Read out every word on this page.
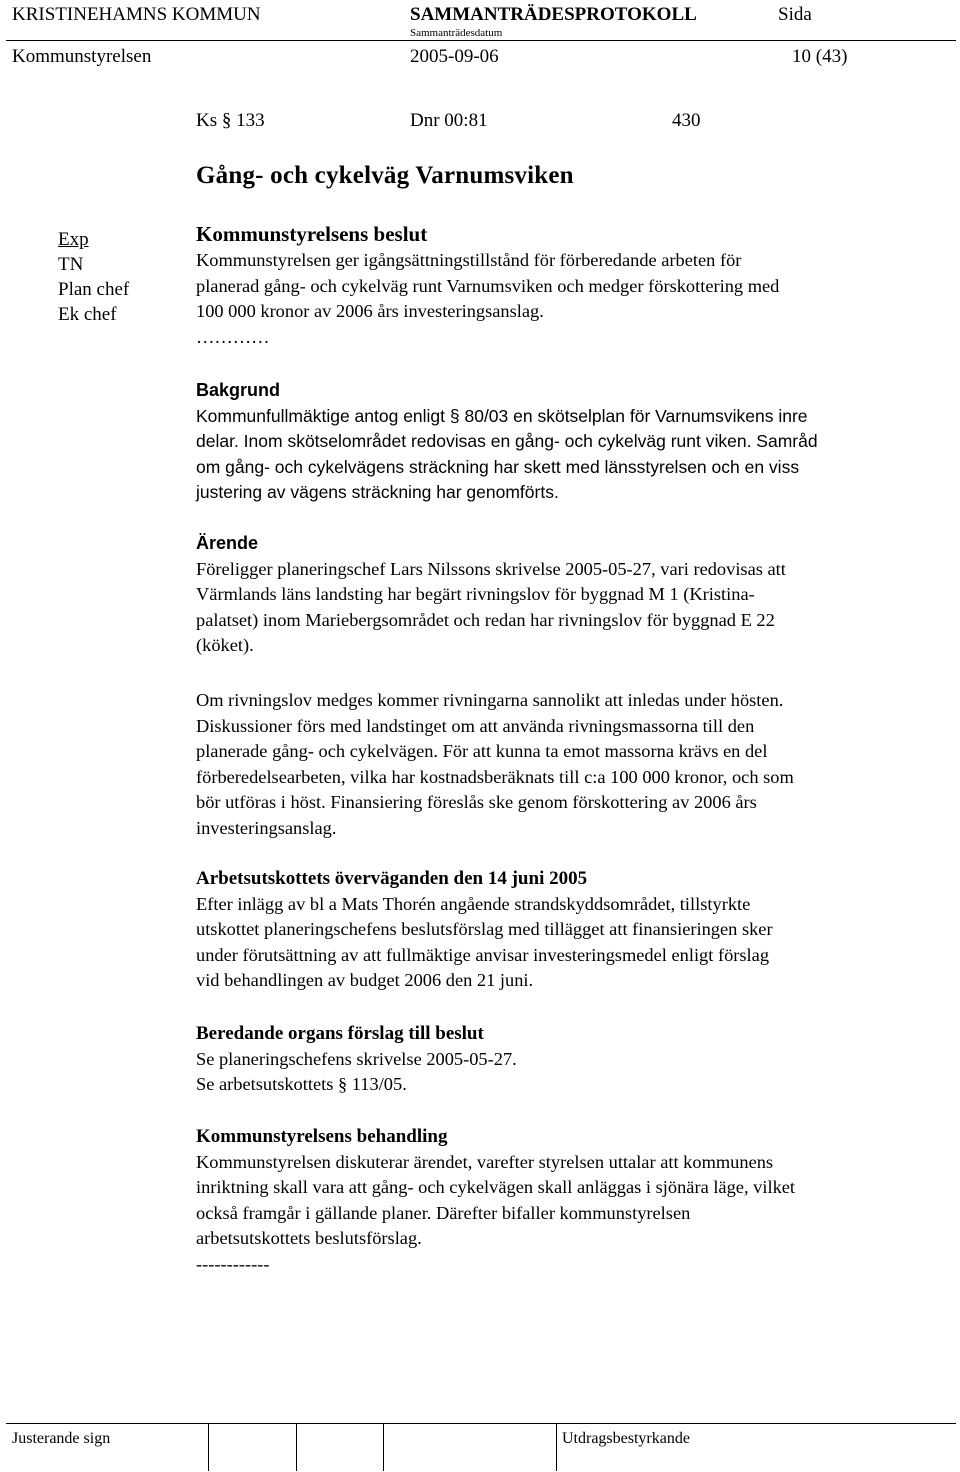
KRISTINEHAMNS KOMMUN	SAMMANTRÄDESPROTOKOLL	Sida
Sammanträdesdatum
Kommunstyrelsen	2005-09-06	10 (43)
Ks § 133	Dnr 00:81	430
Gång- och cykelväg Varnumsviken
Exp
TN
Plan chef
Ek chef
Kommunstyrelsens beslut
Kommunstyrelsen ger igångsättningstillstånd för förberedande arbeten för
planerad gång- och cykelväg runt Varnumsviken och medger förskottering med
100 000 kronor av 2006 års investeringsanslag.
…………
Bakgrund
Kommunfullmäktige antog enligt § 80/03 en skötselplan för Varnumsvikens inre
delar. Inom skötselområdet redovisas en gång- och cykelväg runt viken. Samråd
om gång- och cykelvägens sträckning har skett med länsstyrelsen och en viss
justering av vägens sträckning har genomförts.
Ärende
Föreligger planeringschef Lars Nilssons skrivelse 2005-05-27, vari redovisas att
Värmlands läns landsting har begärt rivningslov för byggnad M 1 (Kristina-
palatset) inom Mariebergsområdet och redan har rivningslov för byggnad E 22
(köket).
Om rivningslov medges kommer rivningarna sannolikt att inledas under hösten.
Diskussioner förs med landstinget om att använda rivningsmassorna till den
planerade gång- och cykelvägen. För att kunna ta emot massorna krävs en del
förberedelsearbeten, vilka har kostnadsberäknats till c:a 100 000 kronor, och som
bör utföras i höst. Finansiering föreslås ske genom förskottering av 2006 års
investeringsanslag.
Arbetsutskottets överväganden den 14 juni 2005
Efter inlägg av bl a Mats Thorén angående strandskyddsområdet, tillstyrkte
utskottet planeringschefens beslutsförslag med tillägget att finansieringen sker
under förutsättning av att fullmäktige anvisar investeringsmedel enligt förslag
vid behandlingen av budget 2006 den 21 juni.
Beredande organs förslag till beslut
Se planeringschefens skrivelse 2005-05-27.
Se arbetsutskottets § 113/05.
Kommunstyrelsens behandling
Kommunstyrelsen diskuterar ärendet, varefter styrelsen uttalar att kommunens
inriktning skall vara att gång- och cykelvägen skall anläggas i sjönära läge, vilket
också framgår i gällande planer. Därefter bifaller kommunstyrelsen
arbetsutskottets beslutsförslag.
------------
Justerande sign	Utdragsbestyrkande
